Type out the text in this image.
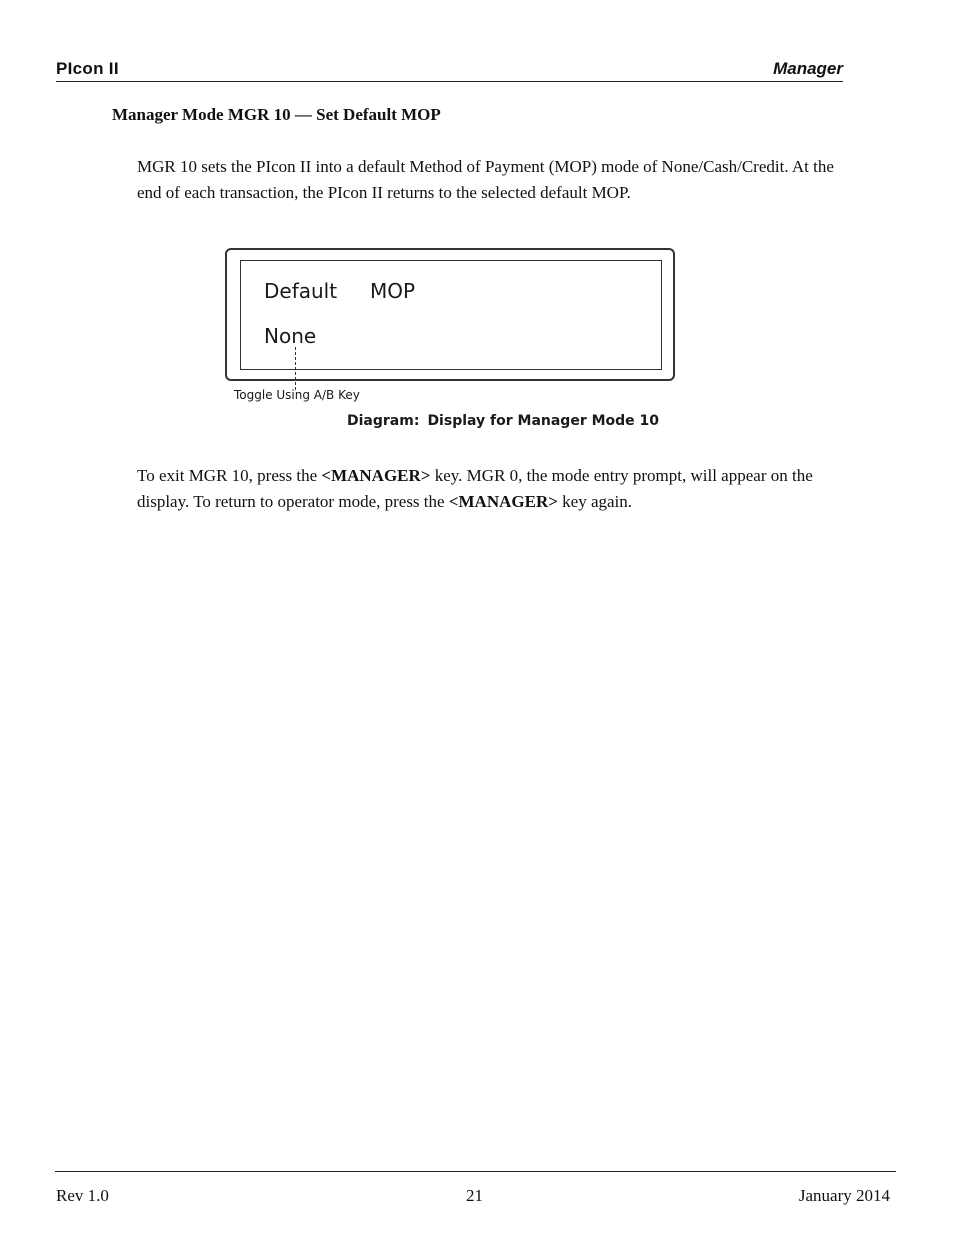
PIcon II	Manager
Manager Mode MGR 10 — Set Default MOP

MGR 10 sets the PIcon II into a default Method of Payment (MOP) mode of None/Cash/Credit. At the end of each transaction, the PIcon II returns to the selected default MOP.

Default MOP
None
Toggle Using A/B Key
Diagram: Display for Manager Mode 10

To exit MGR 10, press the <MANAGER> key. MGR 0, the mode entry prompt, will appear on the display. To return to operator mode, press the <MANAGER> key again.

Rev 1.0	21	January 2014
